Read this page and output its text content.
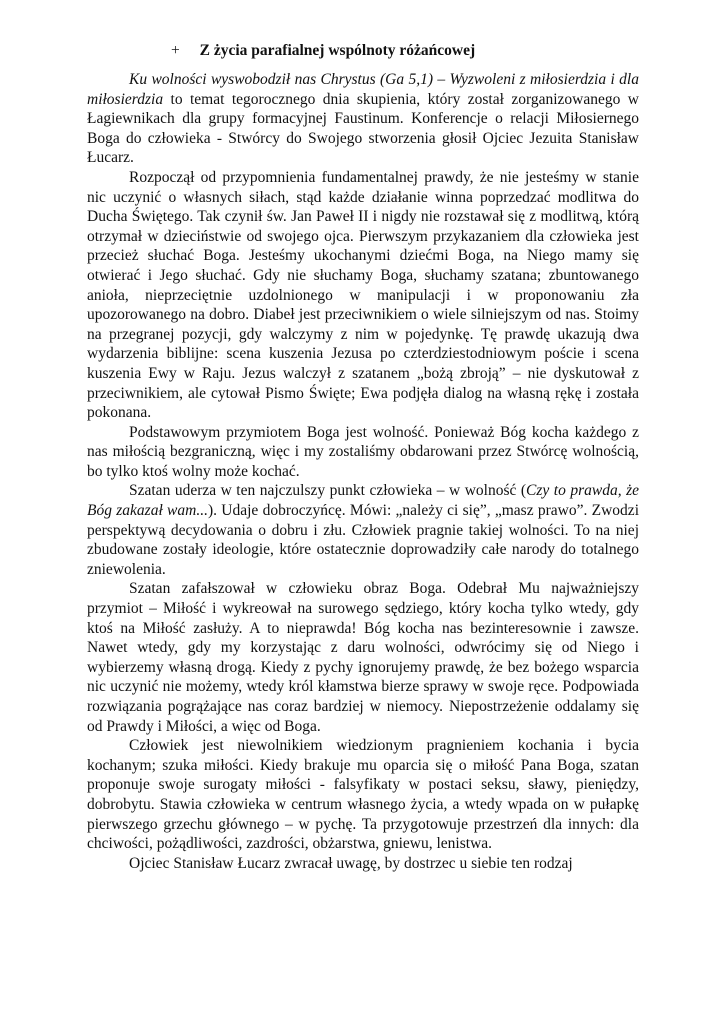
+ Z życia parafialnej wspólnoty różańcowej

Ku wolności wyswobodził nas Chrystus (Ga 5,1) – Wyzwoleni z miłosierdzia i dla miłosierdzia to temat tegorocznego dnia skupienia, który został zorganizowanego w Łagiewnikach dla grupy formacyjnej Faustinum. Konferencje o relacji Miłosiernego Boga do człowieka - Stwórcy do Swojego stworzenia głosił Ojciec Jezuita Stanisław Łucarz.

Rozpoczął od przypomnienia fundamentalnej prawdy, że nie jesteśmy w stanie nic uczynić o własnych siłach, stąd każde działanie winna poprzedzać modlitwa do Ducha Świętego. Tak czynił św. Jan Paweł II i nigdy nie rozstawał się z modlitwą, którą otrzymał w dzieciństwie od swojego ojca. Pierwszym przykazaniem dla człowieka jest przecież słuchać Boga. Jesteśmy ukochanymi dziećmi Boga, na Niego mamy się otwierać i Jego słuchać. Gdy nie słuchamy Boga, słuchamy szatana; zbuntowanego anioła, nieprzeciętnie uzdolnionego w manipulacji i w proponowaniu zła upozorowanego na dobro. Diabeł jest przeciwnikiem o wiele silniejszym od nas. Stoimy na przegranej pozycji, gdy walczymy z nim w pojedynkę. Tę prawdę ukazują dwa wydarzenia biblijne: scena kuszenia Jezusa po czterdziestodniowym poście i scena kuszenia Ewy w Raju. Jezus walczył z szatanem „bożą zbroją” – nie dyskutował z przeciwnikiem, ale cytował Pismo Święte; Ewa podjęła dialog na własną rękę i została pokonana.

Podstawowym przymiotem Boga jest wolność. Ponieważ Bóg kocha każdego z nas miłością bezgraniczną, więc i my zostaliśmy obdarowani przez Stwórcę wolnością, bo tylko ktoś wolny może kochać.

Szatan uderza w ten najczulszy punkt człowieka – w wolność (Czy to prawda, że Bóg zakazał wam...). Udaje dobroczyńcę. Mówi: „należy ci się”, „masz prawo”. Zwodzi perspektywą decydowania o dobru i złu. Człowiek pragnie takiej wolności. To na niej zbudowane zostały ideologie, które ostatecznie doprowadziły całe narody do totalnego zniewolenia.

Szatan zafałszował w człowieku obraz Boga. Odebrał Mu najważniejszy przymiot – Miłość i wykreował na surowego sędziego, który kocha tylko wtedy, gdy ktoś na Miłość zasłuży. A to nieprawda! Bóg kocha nas bezinteresownie i zawsze. Nawet wtedy, gdy my korzystając z daru wolności, odwrócimy się od Niego i wybierzemy własną drogą. Kiedy z pychy ignorujemy prawdę, że bez bożego wsparcia nic uczynić nie możemy, wtedy król kłamstwa bierze sprawy w swoje ręce. Podpowiada rozwiązania pogrążające nas coraz bardziej w niemocy. Niepostrzeżenie oddalamy się od Prawdy i Miłości, a więc od Boga.

Człowiek jest niewolnikiem wiedzionym pragnieniem kochania i bycia kochanym; szuka miłości. Kiedy brakuje mu oparcia się o miłość Pana Boga, szatan proponuje swoje surogaty miłości - falsyfikaty w postaci seksu, sławy, pieniędzy, dobrobytu. Stawia człowieka w centrum własnego życia, a wtedy wpada on w pułapkę pierwszego grzechu głównego – w pychę. Ta przygotowuje przestrzeń dla innych: dla chciwości, pożądliwości, zazdrości, obżarstwa, gniewu, lenistwa.

Ojciec Stanisław Łucarz zwracał uwagę, by dostrzec u siebie ten rodzaj
